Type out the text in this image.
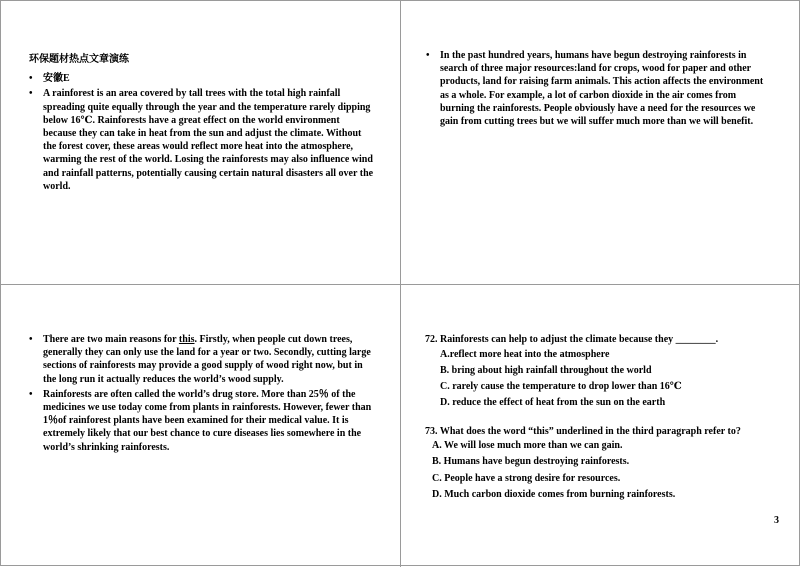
环保题材热点文章演练
• 安徽E
• A rainforest is an area covered by tall trees with the total high rainfall spreading quite equally through the year and the temperature rarely dipping below 16℃. Rainforests have a great effect on the world environment because they can take in heat from the sun and adjust the climate. Without the forest cover, these areas would reflect more heat into the atmosphere, warming the rest of the world. Losing the rainforests may also influence wind and rainfall patterns, potentially causing certain natural disasters all over the world.
• In the past hundred years, humans have begun destroying rainforests in search of three major resources:land for crops, wood for paper and other products, land for raising farm animals. This action affects the environment as a whole. For example, a lot of carbon dioxide in the air comes from burning the rainforests. People obviously have a need for the resources we gain from cutting trees but we will suffer much more than we will benefit.
• There are two main reasons for this. Firstly, when people cut down trees, generally they can only use the land for a year or two. Secondly, cutting large sections of rainforests may provide a good supply of wood right now, but in the long run it actually reduces the world’s wood supply.
• Rainforests are often called the world’s drug store. More than 25％ of the medicines we use today come from plants in rainforests. However, fewer than 1％of rainforest plants have been examined for their medical value. It is extremely likely that our best chance to cure diseases lies somewhere in the world’s shrinking rainforests.
72. Rainforests can help to adjust the climate because they ________.
A.reflect more heat into the atmosphere
B. bring about high rainfall throughout the world
C. rarely cause the temperature to drop lower than 16℃
D. reduce the effect of heat from the sun on the earth
73. What does the word “this” underlined in the third paragraph refer to?
A. We will lose much more than we can gain.
B. Humans have begun destroying rainforests.
C. People have a strong desire for resources.
D. Much carbon dioxide comes from burning rainforests.
3
